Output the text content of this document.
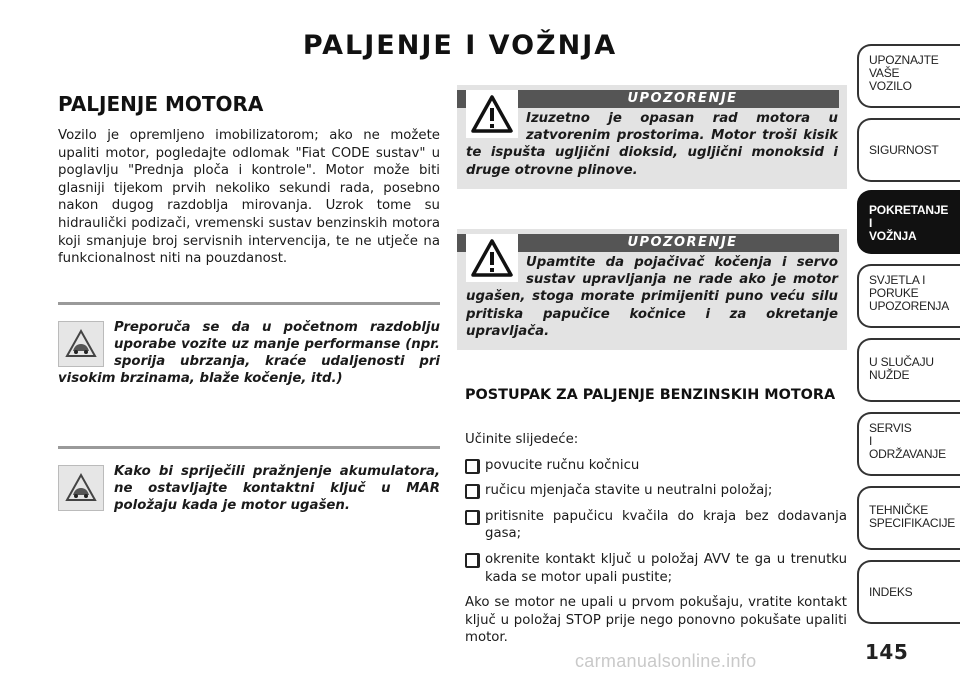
PALJENJE I VOŽNJA
PALJENJE MOTORA

Vozilo je opremljeno imobilizatorom; ako ne možete upaliti motor, pogledajte odlomak "Fiat CODE sustav" u poglavlju "Prednja ploča i kontrole". Motor može biti glasniji tijekom prvih nekoliko sekundi rada, posebno nakon dugog razdoblja mirovanja. Uzrok tome su hidraulički podizači, vremenski sustav benzinskih motora koji smanjuje broj servisnih intervencija, te ne utječe na funkcionalnost niti na pouzdanost.

Preporuča se da u početnom razdoblju uporabe vozite uz manje performanse (npr. sporija ubrzanja, kraće udaljenosti pri visokim brzinama, blaže kočenje, itd.)
Kako bi spriječili pražnjenje akumulatora, ne ostavljajte kontaktni ključ u MAR položaju kada je motor ugašen.
UPOZORENJE
Izuzetno je opasan rad motora u zatvorenim prostorima. Motor troši kisik te ispušta ugljični dioksid, ugljični monoksid i druge otrovne plinove.
UPOZORENJE
Upamtite da pojačivač kočenja i servo sustav upravljanja ne rade ako je motor ugašen, stoga morate primijeniti puno veću silu pritiska papučice kočnice i za okretanje upravljača.
POSTUPAK ZA PALJENJE BENZINSKIH MOTORA

Učinite slijedeće:

povucite ručnu kočnicu
ručicu mjenjača stavite u neutralni položaj;
pritisnite papučicu kvačila do kraja bez dodavanja gasa;
okrenite kontakt ključ u položaj AVV te ga u trenutku kada se motor upali pustite;

Ako se motor ne upali u prvom pokušaju, vratite kontakt ključ u položaj STOP prije nego ponovno pokušate upaliti motor.

UPOZNAJTE
VAŠE
VOZILO
SIGURNOST
POKRETANJE
I
VOŽNJA
SVJETLA I
PORUKE
UPOZORENJA
U SLUČAJU
NUŽDE
SERVIS
I
ODRŽAVANJE
TEHNIČKE
SPECIFIKACIJE
INDEKS
145
carmanualsonline.info
